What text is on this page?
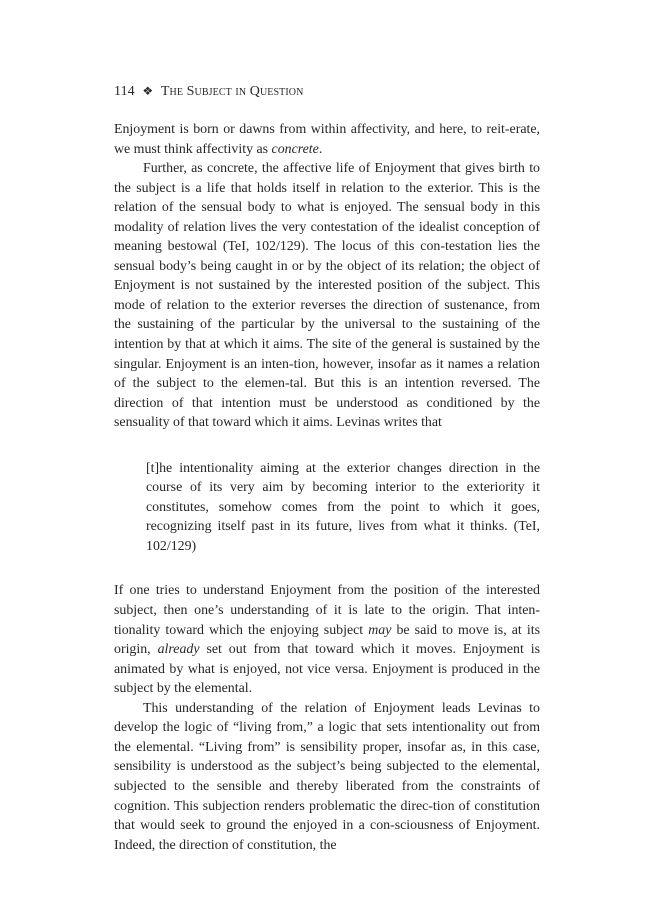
114 ❖ The Subject in Question

Enjoyment is born or dawns from within affectivity, and here, to reit-erate, we must think affectivity as concrete.

Further, as concrete, the affective life of Enjoyment that gives birth to the subject is a life that holds itself in relation to the exterior. This is the relation of the sensual body to what is enjoyed. The sensual body in this modality of relation lives the very contestation of the idealist conception of meaning bestowal (TeI, 102/129). The locus of this con-testation lies the sensual body’s being caught in or by the object of its relation; the object of Enjoyment is not sustained by the interested position of the subject. This mode of relation to the exterior reverses the direction of sustenance, from the sustaining of the particular by the universal to the sustaining of the intention by that at which it aims. The site of the general is sustained by the singular. Enjoyment is an inten-tion, however, insofar as it names a relation of the subject to the elemen-tal. But this is an intention reversed. The direction of that intention must be understood as conditioned by the sensuality of that toward which it aims. Levinas writes that

[t]he intentionality aiming at the exterior changes direction in the course of its very aim by becoming interior to the exteriority it constitutes, somehow comes from the point to which it goes, recognizing itself past in its future, lives from what it thinks. (TeI, 102/129)

If one tries to understand Enjoyment from the position of the interested subject, then one’s understanding of it is late to the origin. That inten-tionality toward which the enjoying subject may be said to move is, at its origin, already set out from that toward which it moves. Enjoyment is animated by what is enjoyed, not vice versa. Enjoyment is produced in the subject by the elemental.

This understanding of the relation of Enjoyment leads Levinas to develop the logic of “living from,” a logic that sets intentionality out from the elemental. “Living from” is sensibility proper, insofar as, in this case, sensibility is understood as the subject’s being subjected to the elemental, subjected to the sensible and thereby liberated from the constraints of cognition. This subjection renders problematic the direc-tion of constitution that would seek to ground the enjoyed in a con-sciousness of Enjoyment. Indeed, the direction of constitution, the
